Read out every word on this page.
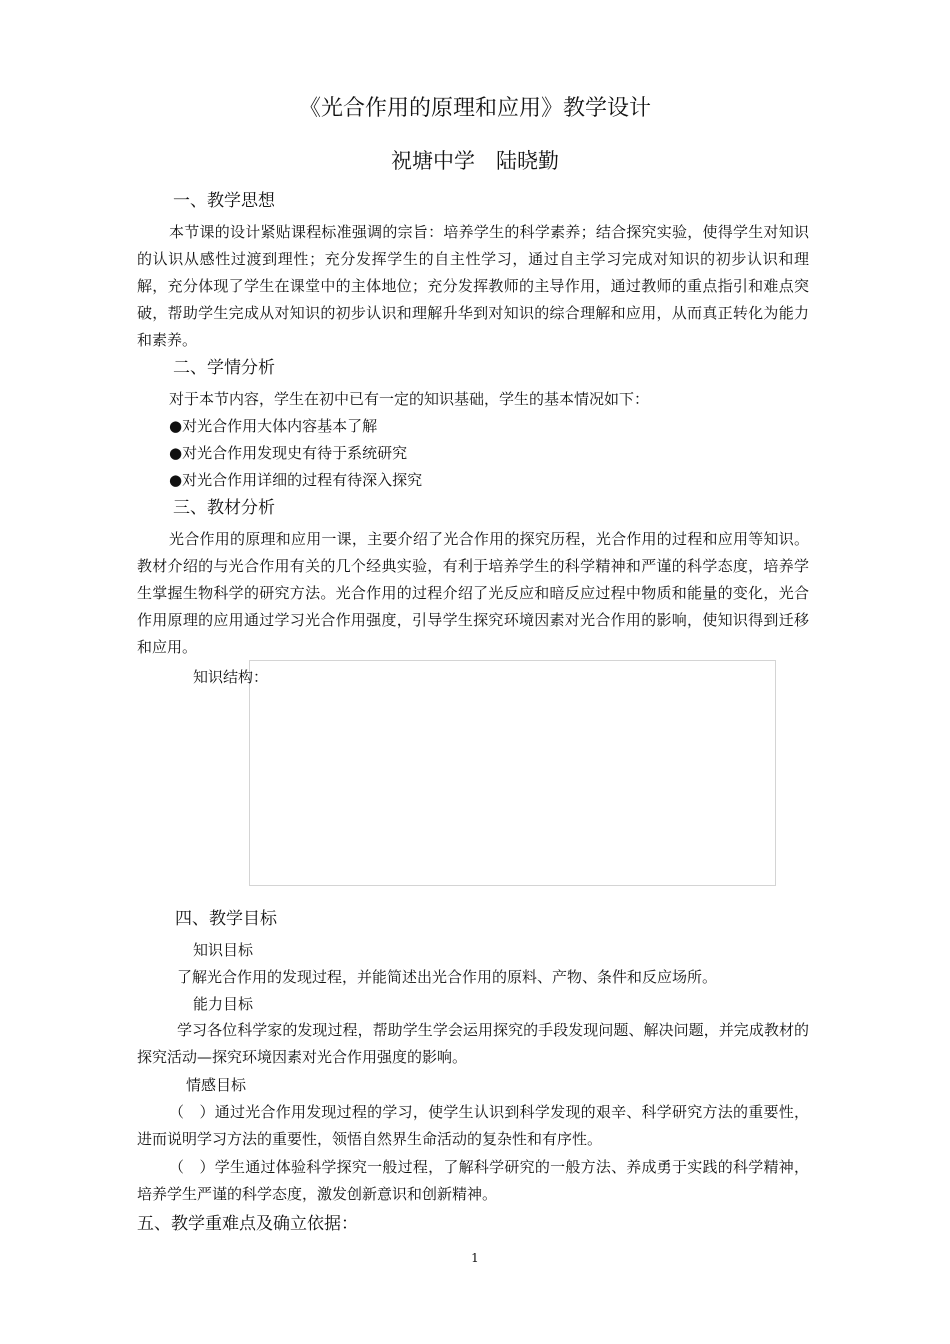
《光合作用的原理和应用》教学设计
祝塘中学　陆晓勤
一、教学思想
本节课的设计紧贴课程标准强调的宗旨：培养学生的科学素养；结合探究实验，使得学生对知识的认识从感性过渡到理性；充分发挥学生的自主性学习，通过自主学习完成对知识的初步认识和理解，充分体现了学生在课堂中的主体地位；充分发挥教师的主导作用，通过教师的重点指引和难点突破，帮助学生完成从对知识的初步认识和理解升华到对知识的综合理解和应用，从而真正转化为能力和素养。
二、学情分析
对于本节内容，学生在初中已有一定的知识基础，学生的基本情况如下：
●对光合作用大体内容基本了解
●对光合作用发现史有待于系统研究
●对光合作用详细的过程有待深入探究
三、教材分析
光合作用的原理和应用一课，主要介绍了光合作用的探究历程，光合作用的过程和应用等知识。教材介绍的与光合作用有关的几个经典实验，有利于培养学生的科学精神和严谨的科学态度，培养学生掌握生物科学的研究方法。光合作用的过程介绍了光反应和暗反应过程中物质和能量的变化，光合作用原理的应用通过学习光合作用强度，引导学生探究环境因素对光合作用的影响，使知识得到迁移和应用。
知识结构：
四、教学目标
知识目标
了解光合作用的发现过程，并能简述出光合作用的原料、产物、条件和反应场所。
能力目标
学习各位科学家的发现过程，帮助学生学会运用探究的手段发现问题、解决问题，并完成教材的探究活动—探究环境因素对光合作用强度的影响。
情感目标
（　）通过光合作用发现过程的学习，使学生认识到科学发现的艰辛、科学研究方法的重要性，进而说明学习方法的重要性，领悟自然界生命活动的复杂性和有序性。
（　）学生通过体验科学探究一般过程，了解科学研究的一般方法、养成勇于实践的科学精神，培养学生严谨的科学态度，激发创新意识和创新精神。
五、教学重难点及确立依据：
1
